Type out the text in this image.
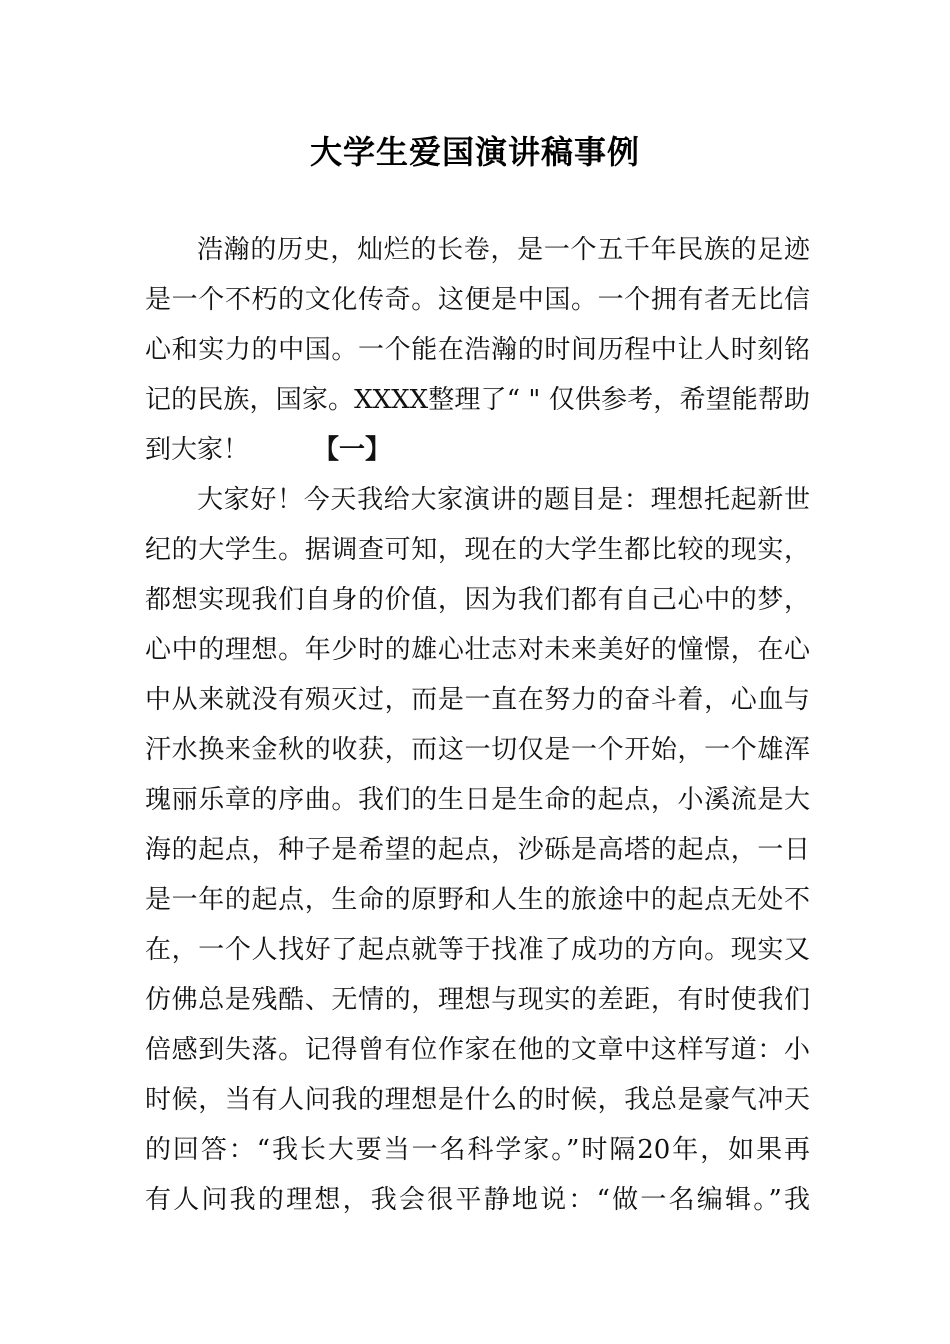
大学生爱国演讲稿事例
浩瀚的历史，灿烂的长卷，是一个五千年民族的足迹
是一个不朽的文化传奇。这便是中国。一个拥有者无比信
心和实力的中国。一个能在浩瀚的时间历程中让人时刻铭
记的民族，国家。XXXX整理了“ " 仅供参考，希望能帮助
到大家！ 【一】
大家好！今天我给大家演讲的题目是：理想托起新世
纪的大学生。据调查可知，现在的大学生都比较的现实，
都想实现我们自身的价值，因为我们都有自己心中的梦，
心中的理想。年少时的雄心壮志对未来美好的憧憬，在心
中从来就没有殒灭过，而是一直在努力的奋斗着，心血与
汗水换来金秋的收获，而这一切仅是一个开始，一个雄浑
瑰丽乐章的序曲。我们的生日是生命的起点，小溪流是大
海的起点，种子是希望的起点，沙砾是高塔的起点，一日
是一年的起点，生命的原野和人生的旅途中的起点无处不
在，一个人找好了起点就等于找准了成功的方向。现实又
仿佛总是残酷、无情的，理想与现实的差距，有时使我们
倍感到失落。记得曾有位作家在他的文章中这样写道：小
时候，当有人问我的理想是什么的时候，我总是豪气冲天
的回答：“我长大要当一名科学家。”时隔20年，如果再
有人问我的理想，我会很平静地说：“做一名编辑。”我
